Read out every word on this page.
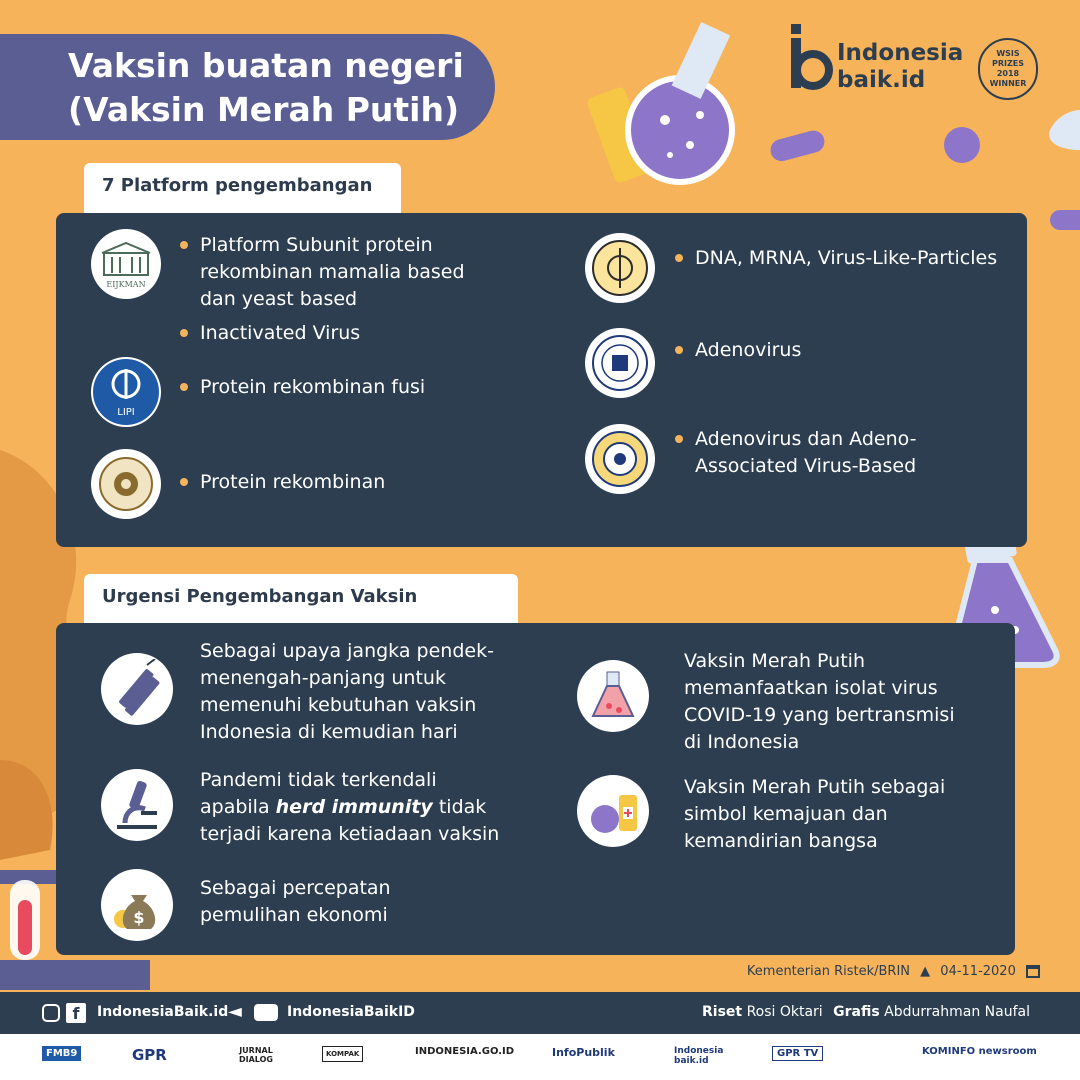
Vaksin buatan negeri
(Vaksin Merah Putih)
Indonesia
baik.id
WSIS PRIZES 2018 WINNER
7 Platform pengembangan
EIJKMAN
LIPI
Platform Subunit protein rekombinan mamalia based dan yeast based
Inactivated Virus
Protein rekombinan fusi
Protein rekombinan
DNA, MRNA, Virus-Like-Particles
Adenovirus
Adenovirus dan Adeno-Associated Virus-Based
Urgensi Pengembangan Vaksin
$
Sebagai upaya jangka pendek-menengah-panjang untuk memenuhi kebutuhan vaksin Indonesia di kemudian hari
Pandemi tidak terkendali apabila herd immunity tidak terjadi karena ketiadaan vaksin
Sebagai percepatan pemulihan ekonomi
Vaksin Merah Putih memanfaatkan isolat virus COVID-19 yang bertransmisi di Indonesia
Vaksin Merah Putih sebagai simbol kemajuan dan kemandirian bangsa
Kementerian Ristek/BRIN ▲ 04-11-2020
f	IndonesiaBaik.id ◄	IndonesiaBaikID	Riset Rosi Oktari Grafis Abdurrahman Naufal
FMB9	GPR	JURNAL DIALOG
KOMPAK	INDONESIA.GO.ID	InfoPublik	Indonesia baik.id
GPR TV	KOMINFO newsroom
